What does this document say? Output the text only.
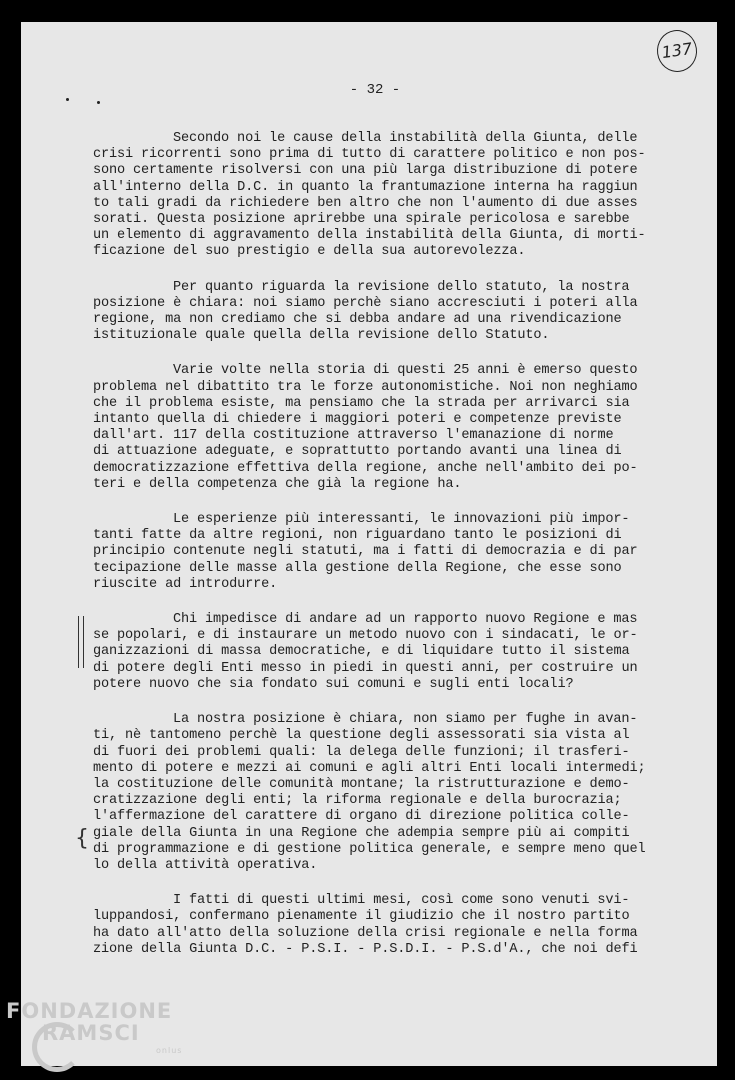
137
- 32 -
Secondo noi le cause della instabilità della Giunta, delle
crisi ricorrenti sono prima di tutto di carattere politico e non pos-
sono certamente risolversi con una più larga distribuzione di potere
all'interno della D.C. in quanto la frantumazione interna ha raggiun
to tali gradi da richiedere ben altro che non l'aumento di due asses
sorati. Questa posizione aprirebbe una spirale pericolosa e sarebbe
un elemento di aggravamento della instabilità della Giunta, di morti-
ficazione del suo prestigio e della sua autorevolezza.
Per quanto riguarda la revisione dello statuto, la nostra
posizione è chiara: noi siamo perchè siano accresciuti i poteri alla
regione, ma non crediamo che si debba andare ad una rivendicazione
istituzionale quale quella della revisione dello Statuto.
Varie volte nella storia di questi 25 anni è emerso questo
problema nel dibattito tra le forze autonomistiche. Noi non neghiamo
che il problema esiste, ma pensiamo che la strada per arrivarci sia
intanto quella di chiedere i maggiori poteri e competenze previste
dall'art. 117 della costituzione attraverso l'emanazione di norme
di attuazione adeguate, e soprattutto portando avanti una linea di
democratizzazione effettiva della regione, anche nell'ambito dei po-
teri e della competenza che già la regione ha.
Le esperienze più interessanti, le innovazioni più impor-
tanti fatte da altre regioni, non riguardano tanto le posizioni di
principio contenute negli statuti, ma i fatti di democrazia e di par
tecipazione delle masse alla gestione della Regione, che esse sono
riuscite ad introdurre.
Chi impedisce di andare ad un rapporto nuovo Regione e mas
se popolari, e di instaurare un metodo nuovo con i sindacati, le or-
ganizzazioni di massa democratiche, e di liquidare tutto il sistema
di potere degli Enti messo in piedi in questi anni, per costruire un
potere nuovo che sia fondato sui comuni e sugli enti locali?
La nostra posizione è chiara, non siamo per fughe in avan-
ti, nè tantomeno perchè la questione degli assessorati sia vista al
di fuori dei problemi quali: la delega delle funzioni; il trasferi-
mento di potere e mezzi ai comuni e agli altri Enti locali intermedi;
la costituzione delle comunità montane; la ristrutturazione e demo-
cratizzazione degli enti; la riforma regionale e della burocrazia;
l'affermazione del carattere di organo di direzione politica colle-
giale della Giunta in una Regione che adempia sempre più ai compiti
di programmazione e di gestione politica generale, e sempre meno quel
lo della attività operativa.
I fatti di questi ultimi mesi, così come sono venuti svi-
luppandosi, confermano pienamente il giudizio che il nostro partito
ha dato all'atto della soluzione della crisi regionale e nella forma
zione della Giunta D.C. - P.S.I. - P.S.D.I. - P.S.d'A., che noi defi
{
FONDAZIONE
RAMSCI
onlus
